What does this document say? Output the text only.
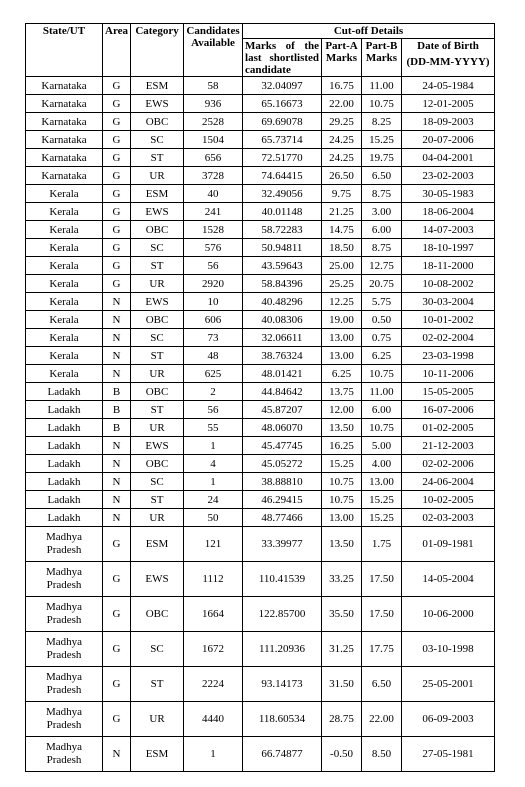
State/UT	Area	Category	Candidates Available	Cut-off Details			
				Marks of the last shortlisted candidate	Part-A Marks	Part-B Marks	Date of Birth
(DD-MM-YYYY)

Karnataka	G	ESM	58	32.04097	16.75	11.00	24-05-1984
Karnataka	G	EWS	936	65.16673	22.00	10.75	12-01-2005
Karnataka	G	OBC	2528	69.69078	29.25	8.25	18-09-2003
Karnataka	G	SC	1504	65.73714	24.25	15.25	20-07-2006
Karnataka	G	ST	656	72.51770	24.25	19.75	04-04-2001
Karnataka	G	UR	3728	74.64415	26.50	6.50	23-02-2003
Kerala	G	ESM	40	32.49056	9.75	8.75	30-05-1983
Kerala	G	EWS	241	40.01148	21.25	3.00	18-06-2004
Kerala	G	OBC	1528	58.72283	14.75	6.00	14-07-2003
Kerala	G	SC	576	50.94811	18.50	8.75	18-10-1997
Kerala	G	ST	56	43.59643	25.00	12.75	18-11-2000
Kerala	G	UR	2920	58.84396	25.25	20.75	10-08-2002
Kerala	N	EWS	10	40.48296	12.25	5.75	30-03-2004
Kerala	N	OBC	606	40.08306	19.00	0.50	10-01-2002
Kerala	N	SC	73	32.06611	13.00	0.75	02-02-2004
Kerala	N	ST	48	38.76324	13.00	6.25	23-03-1998
Kerala	N	UR	625	48.01421	6.25	10.75	10-11-2006
Ladakh	B	OBC	2	44.84642	13.75	11.00	15-05-2005
Ladakh	B	ST	56	45.87207	12.00	6.00	16-07-2006
Ladakh	B	UR	55	48.06070	13.50	10.75	01-02-2005
Ladakh	N	EWS	1	45.47745	16.25	5.00	21-12-2003
Ladakh	N	OBC	4	45.05272	15.25	4.00	02-02-2006
Ladakh	N	SC	1	38.88810	10.75	13.00	24-06-2004
Ladakh	N	ST	24	46.29415	10.75	15.25	10-02-2005
Ladakh	N	UR	50	48.77466	13.00	15.25	02-03-2003
Madhya Pradesh	G	ESM	121	33.39977	13.50	1.75	01-09-1981
Madhya Pradesh	G	EWS	1112	110.41539	33.25	17.50	14-05-2004
Madhya Pradesh	G	OBC	1664	122.85700	35.50	17.50	10-06-2000
Madhya Pradesh	G	SC	1672	111.20936	31.25	17.75	03-10-1998
Madhya Pradesh	G	ST	2224	93.14173	31.50	6.50	25-05-2001
Madhya Pradesh	G	UR	4440	118.60534	28.75	22.00	06-09-2003
Madhya Pradesh	N	ESM	1	66.74877	-0.50	8.50	27-05-1981
